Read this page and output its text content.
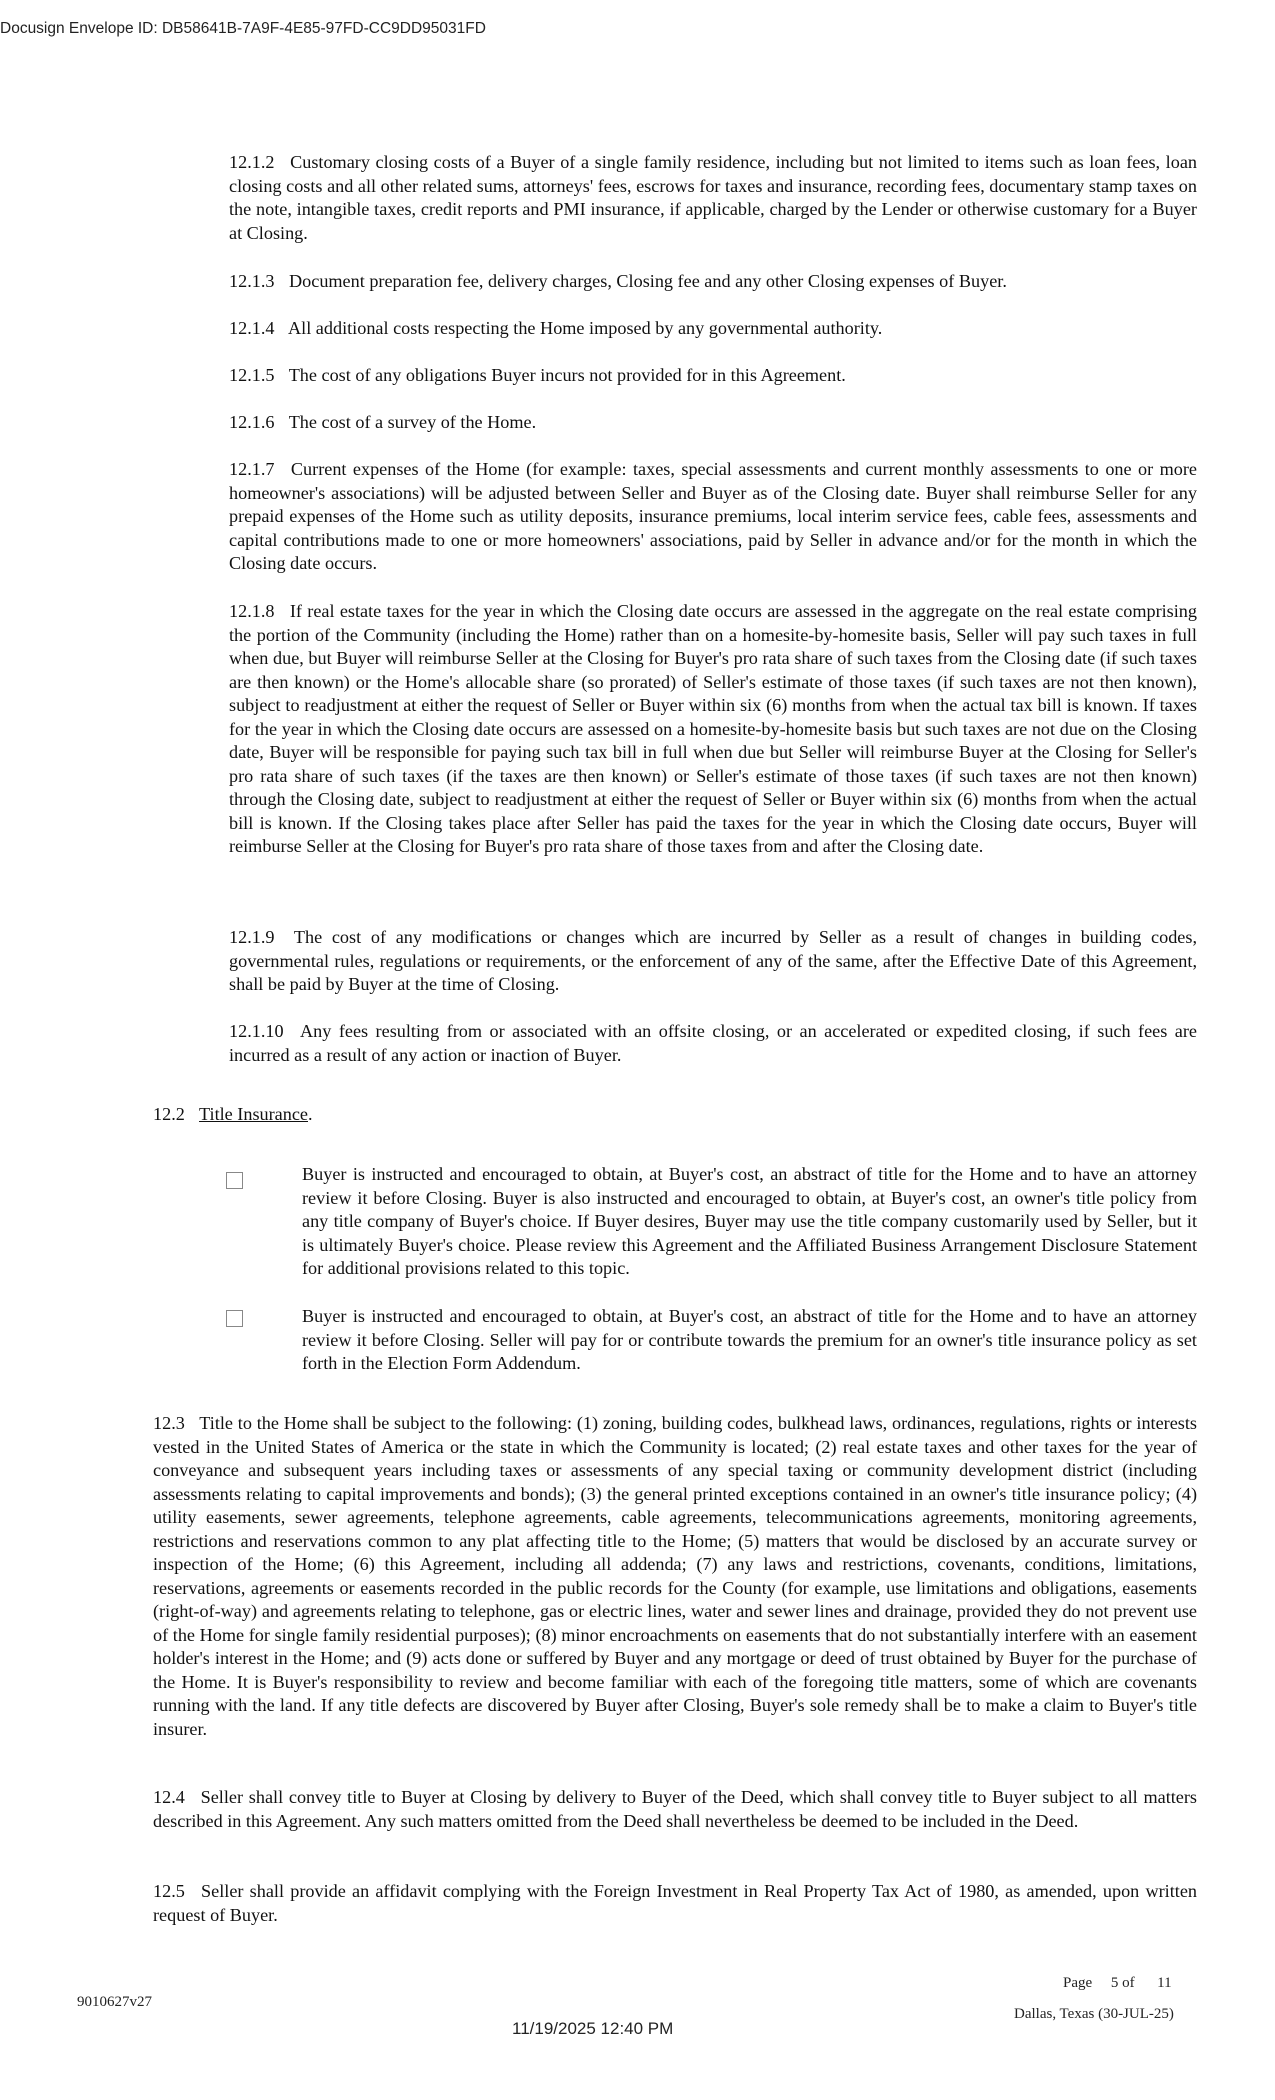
Docusign Envelope ID: DB58641B-7A9F-4E85-97FD-CC9DD95031FD

12.1.2 Customary closing costs of a Buyer of a single family residence, including but not limited to items such as loan fees, loan closing costs and all other related sums, attorneys' fees, escrows for taxes and insurance, recording fees, documentary stamp taxes on the note, intangible taxes, credit reports and PMI insurance, if applicable, charged by the Lender or otherwise customary for a Buyer at Closing.

12.1.3 Document preparation fee, delivery charges, Closing fee and any other Closing expenses of Buyer.

12.1.4 All additional costs respecting the Home imposed by any governmental authority.

12.1.5 The cost of any obligations Buyer incurs not provided for in this Agreement.

12.1.6 The cost of a survey of the Home.

12.1.7 Current expenses of the Home (for example: taxes, special assessments and current monthly assessments to one or more homeowner's associations) will be adjusted between Seller and Buyer as of the Closing date. Buyer shall reimburse Seller for any prepaid expenses of the Home such as utility deposits, insurance premiums, local interim service fees, cable fees, assessments and capital contributions made to one or more homeowners' associations, paid by Seller in advance and/or for the month in which the Closing date occurs.

12.1.8 If real estate taxes for the year in which the Closing date occurs are assessed in the aggregate on the real estate comprising the portion of the Community (including the Home) rather than on a homesite-by-homesite basis, Seller will pay such taxes in full when due, but Buyer will reimburse Seller at the Closing for Buyer's pro rata share of such taxes from the Closing date (if such taxes are then known) or the Home's allocable share (so prorated) of Seller's estimate of those taxes (if such taxes are not then known), subject to readjustment at either the request of Seller or Buyer within six (6) months from when the actual tax bill is known. If taxes for the year in which the Closing date occurs are assessed on a homesite-by-homesite basis but such taxes are not due on the Closing date, Buyer will be responsible for paying such tax bill in full when due but Seller will reimburse Buyer at the Closing for Seller's pro rata share of such taxes (if the taxes are then known) or Seller's estimate of those taxes (if such taxes are not then known) through the Closing date, subject to readjustment at either the request of Seller or Buyer within six (6) months from when the actual bill is known. If the Closing takes place after Seller has paid the taxes for the year in which the Closing date occurs, Buyer will reimburse Seller at the Closing for Buyer's pro rata share of those taxes from and after the Closing date.

12.1.9 The cost of any modifications or changes which are incurred by Seller as a result of changes in building codes, governmental rules, regulations or requirements, or the enforcement of any of the same, after the Effective Date of this Agreement, shall be paid by Buyer at the time of Closing.

12.1.10 Any fees resulting from or associated with an offsite closing, or an accelerated or expedited closing, if such fees are incurred as a result of any action or inaction of Buyer.

12.2 Title Insurance.

Buyer is instructed and encouraged to obtain, at Buyer's cost, an abstract of title for the Home and to have an attorney review it before Closing. Buyer is also instructed and encouraged to obtain, at Buyer's cost, an owner's title policy from any title company of Buyer's choice. If Buyer desires, Buyer may use the title company customarily used by Seller, but it is ultimately Buyer's choice. Please review this Agreement and the Affiliated Business Arrangement Disclosure Statement for additional provisions related to this topic.

Buyer is instructed and encouraged to obtain, at Buyer's cost, an abstract of title for the Home and to have an attorney review it before Closing. Seller will pay for or contribute towards the premium for an owner's title insurance policy as set forth in the Election Form Addendum.

12.3 Title to the Home shall be subject to the following: (1) zoning, building codes, bulkhead laws, ordinances, regulations, rights or interests vested in the United States of America or the state in which the Community is located; (2) real estate taxes and other taxes for the year of conveyance and subsequent years including taxes or assessments of any special taxing or community development district (including assessments relating to capital improvements and bonds); (3) the general printed exceptions contained in an owner's title insurance policy; (4) utility easements, sewer agreements, telephone agreements, cable agreements, telecommunications agreements, monitoring agreements, restrictions and reservations common to any plat affecting title to the Home; (5) matters that would be disclosed by an accurate survey or inspection of the Home; (6) this Agreement, including all addenda; (7) any laws and restrictions, covenants, conditions, limitations, reservations, agreements or easements recorded in the public records for the County (for example, use limitations and obligations, easements (right-of-way) and agreements relating to telephone, gas or electric lines, water and sewer lines and drainage, provided they do not prevent use of the Home for single family residential purposes); (8) minor encroachments on easements that do not substantially interfere with an easement holder's interest in the Home; and (9) acts done or suffered by Buyer and any mortgage or deed of trust obtained by Buyer for the purchase of the Home. It is Buyer's responsibility to review and become familiar with each of the foregoing title matters, some of which are covenants running with the land. If any title defects are discovered by Buyer after Closing, Buyer's sole remedy shall be to make a claim to Buyer's title insurer.

12.4 Seller shall convey title to Buyer at Closing by delivery to Buyer of the Deed, which shall convey title to Buyer subject to all matters described in this Agreement. Any such matters omitted from the Deed shall nevertheless be deemed to be included in the Deed.

12.5 Seller shall provide an affidavit complying with the Foreign Investment in Real Property Tax Act of 1980, as amended, upon written request of Buyer.

Page 5 of 11
9010627v27
Dallas, Texas (30-JUL-25)
11/19/2025 12:40 PM
